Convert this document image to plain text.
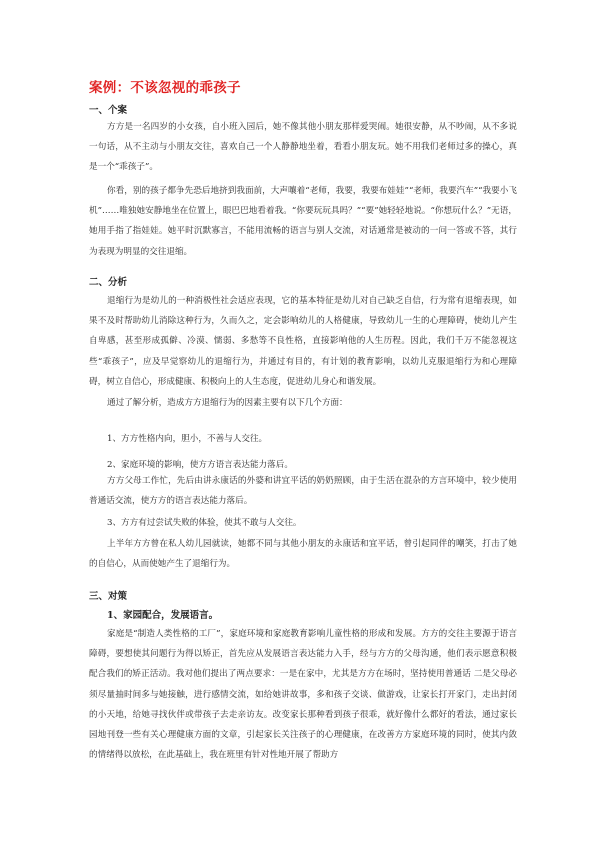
案例：不该忽视的乖孩子
一、个案

方方是一名四岁的小女孩，自小班入园后，她不像其他小朋友那样爱哭闹。她很安静，从不吵闹，从不多说一句话，从不主动与小朋友交往，喜欢自己一个人静静地坐着，看看小朋友玩。她不用我们老师过多的操心，真是一个“乖孩子”。

你看，别的孩子都争先恐后地挤到我面前，大声嚷着“老师，我要，我要布娃娃”“老师，我要汽车”“我要小飞机”……唯独她安静地坐在位置上，眼巴巴地看着我。“你要玩玩具吗？”“要”她轻轻地说。“你想玩什么？”无语，她用手指了指娃娃。她平时沉默寡言，不能用流畅的语言与别人交流，对话通常是被动的一问一答或不答，其行为表现为明显的交往退缩。

二、分析

退缩行为是幼儿的一种消极性社会适应表现，它的基本特征是幼儿对自己缺乏自信，行为常有退缩表现，如果不及时帮助幼儿消除这种行为，久而久之，定会影响幼儿的人格健康，导致幼儿一生的心理障碍，使幼儿产生自卑感，甚至形成孤僻、冷漠、懦弱、多愁等不良性格，直接影响他的人生历程。因此，我们千万不能忽视这些“乖孩子”，应及早觉察幼儿的退缩行为，并通过有目的，有计划的教育影响，以幼儿克服退缩行为和心理障碍，树立自信心，形成健康、积极向上的人生态度，促进幼儿身心和谐发展。

通过了解分析，造成方方退缩行为的因素主要有以下几个方面：

1、方方性格内向，胆小，不善与人交往。
2、家庭环境的影响，使方方语言表达能力落后。

方方父母工作忙，先后由讲永康话的外婆和讲宜平话的奶奶照顾，由于生活在混杂的方言环境中，较少使用普通话交流，使方方的语言表达能力落后。

3、方方有过尝试失败的体验，使其不敢与人交往。

上半年方方曾在私人幼儿园就读，她都不同与其他小朋友的永康话和宜平话，曾引起同伴的嘲笑，打击了她的自信心，从而使她产生了退缩行为。

三、对策
1、家园配合，发展语言。

家庭是“制造人类性格的工厂”，家庭环境和家庭教育影响儿童性格的形成和发展。方方的交往主要源于语言障碍，要想使其问题行为得以矫正，首先应从发展语言表达能力入手，经与方方的父母沟通，他们表示愿意积极配合我们的矫正活动。我对他们提出了两点要求：一是在家中，尤其是方方在场时，坚持使用普通话 二是父母必须尽量抽时间多与她接触，进行感情交流，如给她讲故事，多和孩子交谈、做游戏，让家长打开家门，走出封闭的小天地，给她寻找伙伴或带孩子去走亲访友。改变家长那种看到孩子很乖，就好像什么都好的看法，通过家长园地刊登一些有关心理健康方面的文章，引起家长关注孩子的心理健康，在改善方方家庭环境的同时，使其内敛的情绪得以放松，在此基础上，我在班里有针对性地开展了帮助方
